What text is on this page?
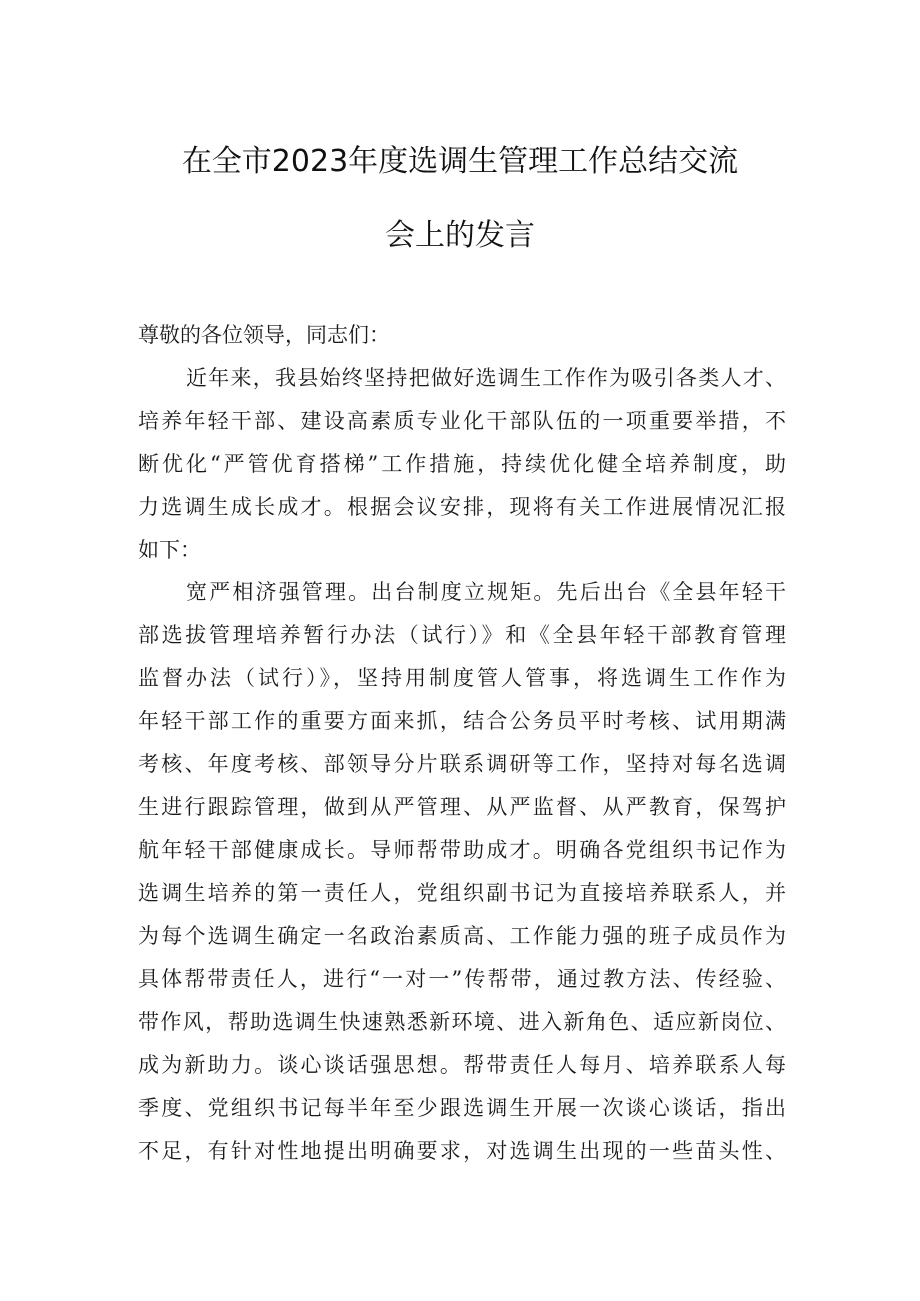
在全市2023年度选调生管理工作总结交流
会上的发言
尊敬的各位领导，同志们：
近年来，我县始终坚持把做好选调生工作作为吸引各类人才、
培养年轻干部、建设高素质专业化干部队伍的一项重要举措，不
断优化“严管优育搭梯”工作措施，持续优化健全培养制度，助
力选调生成长成才。根据会议安排，现将有关工作进展情况汇报
如下：
宽严相济强管理。出台制度立规矩。先后出台《全县年轻干
部选拔管理培养暂行办法（试行）》和《全县年轻干部教育管理
监督办法（试行）》，坚持用制度管人管事，将选调生工作作为
年轻干部工作的重要方面来抓，结合公务员平时考核、试用期满
考核、年度考核、部领导分片联系调研等工作，坚持对每名选调
生进行跟踪管理，做到从严管理、从严监督、从严教育，保驾护
航年轻干部健康成长。导师帮带助成才。明确各党组织书记作为
选调生培养的第一责任人，党组织副书记为直接培养联系人，并
为每个选调生确定一名政治素质高、工作能力强的班子成员作为
具体帮带责任人，进行“一对一”传帮带，通过教方法、传经验、
带作风，帮助选调生快速熟悉新环境、进入新角色、适应新岗位、
成为新助力。谈心谈话强思想。帮带责任人每月、培养联系人每
季度、党组织书记每半年至少跟选调生开展一次谈心谈话，指出
不足，有针对性地提出明确要求，对选调生出现的一些苗头性、
